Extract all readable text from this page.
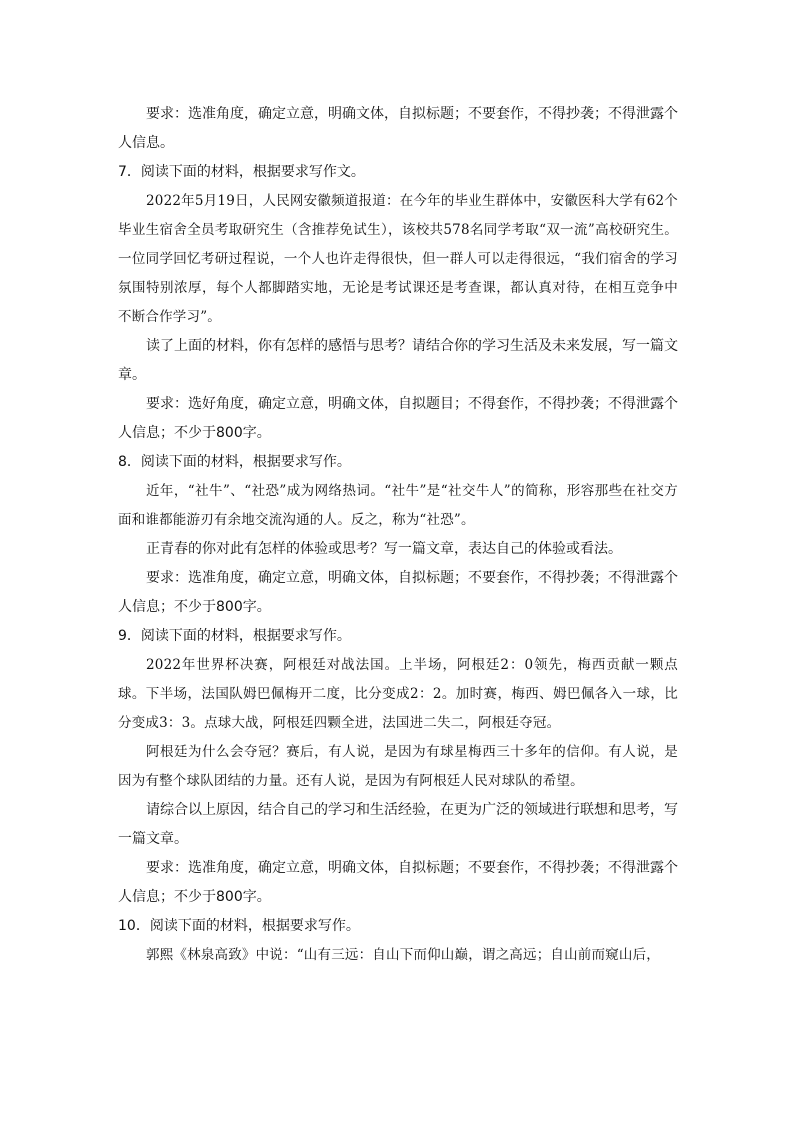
要求：选准角度，确定立意，明确文体，自拟标题；不要套作，不得抄袭；不得泄露个人信息。

7．阅读下面的材料，根据要求写作文。

2022年5月19日，人民网安徽频道报道：在今年的毕业生群体中，安徽医科大学有62个毕业生宿舍全员考取研究生（含推荐免试生），该校共578名同学考取“双一流”高校研究生。一位同学回忆考研过程说，一个人也许走得很快，但一群人可以走得很远，“我们宿舍的学习氛围特别浓厚，每个人都脚踏实地，无论是考试课还是考查课，都认真对待，在相互竞争中不断合作学习”。

读了上面的材料，你有怎样的感悟与思考？请结合你的学习生活及未来发展，写一篇文章。

要求：选好角度，确定立意，明确文体，自拟题目；不得套作，不得抄袭；不得泄露个人信息；不少于800字。

8．阅读下面的材料，根据要求写作。

近年，“社牛”、“社恐”成为网络热词。“社牛”是“社交牛人”的简称，形容那些在社交方面和谁都能游刃有余地交流沟通的人。反之，称为“社恐”。

正青春的你对此有怎样的体验或思考？写一篇文章，表达自己的体验或看法。

要求：选准角度，确定立意，明确文体，自拟标题；不要套作，不得抄袭；不得泄露个人信息；不少于800字。

9．阅读下面的材料，根据要求写作。

2022年世界杯决赛，阿根廷对战法国。上半场，阿根廷2：0领先，梅西贡献一颗点球。下半场，法国队姆巴佩梅开二度，比分变成2：2。加时赛，梅西、姆巴佩各入一球，比分变成3：3。点球大战，阿根廷四颗全进，法国进二失二，阿根廷夺冠。

阿根廷为什么会夺冠？赛后，有人说，是因为有球星梅西三十多年的信仰。有人说，是因为有整个球队团结的力量。还有人说，是因为有阿根廷人民对球队的希望。

请综合以上原因，结合自己的学习和生活经验，在更为广泛的领域进行联想和思考，写一篇文章。

要求：选准角度，确定立意，明确文体，自拟标题；不要套作，不得抄袭；不得泄露个人信息；不少于800字。

10．阅读下面的材料，根据要求写作。

郭熙《林泉高致》中说：“山有三远：自山下而仰山巅，谓之高远；自山前而窥山后，
